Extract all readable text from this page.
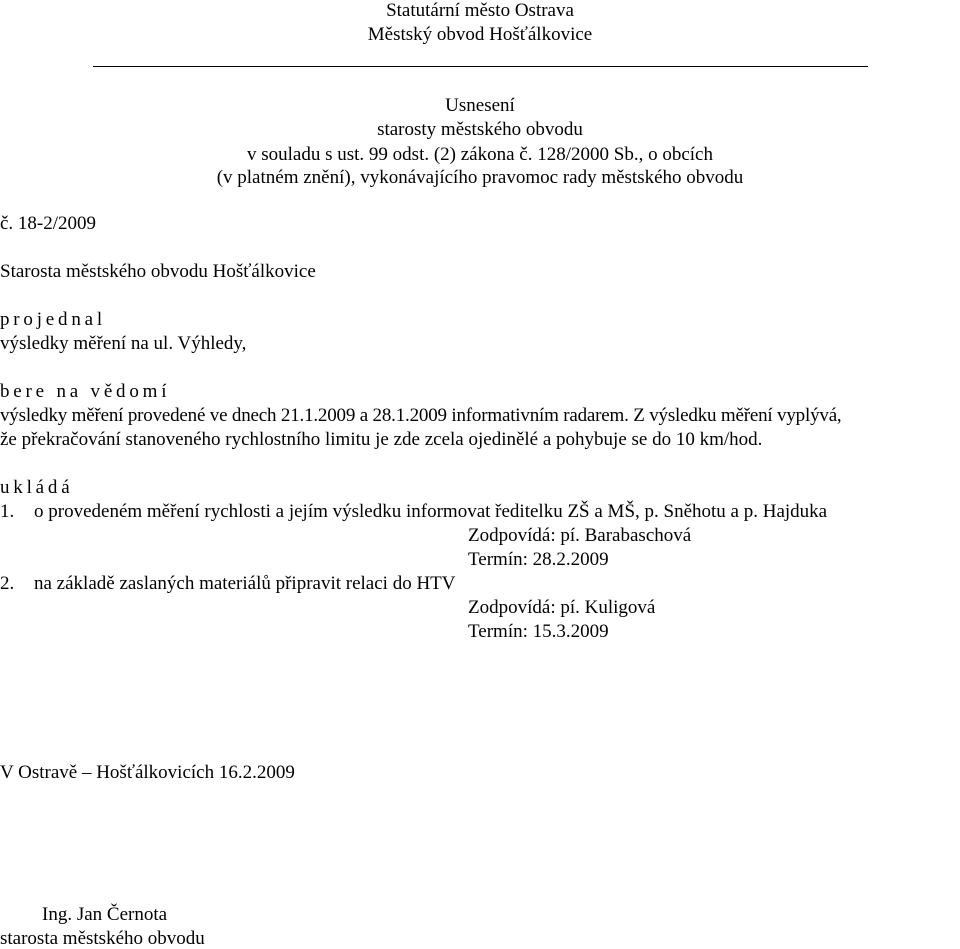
Statutární město Ostrava
Městský obvod Hošťálkovice
Usnesení
starosty městského obvodu
v souladu s ust. 99 odst. (2) zákona č. 128/2000 Sb., o obcích
(v platném znění), vykonávajícího pravomoc rady městského obvodu
č. 18-2/2009
Starosta městského obvodu Hošťálkovice
projednal
výsledky měření na ul. Výhledy,
bere na vědomí
výsledky měření provedené ve dnech 21.1.2009 a 28.1.2009 informativním radarem. Z výsledku měření vyplývá,
že překračování stanoveného rychlostního limitu je zde zcela ojedinělé a pohybuje se do 10 km/hod.
ukládá
1. o provedeném měření rychlosti a jejím výsledku informovat ředitelku ZŠ a MŠ, p. Sněhotu a p. Hajduka
Zodpovídá: pí. Barabaschová
Termín: 28.2.2009
2. na základě zaslaných materiálů připravit relaci do HTV
Zodpovídá: pí. Kuligová
Termín: 15.3.2009
V Ostravě – Hošťálkovicích 16.2.2009
Ing. Jan Černota
starosta městského obvodu
